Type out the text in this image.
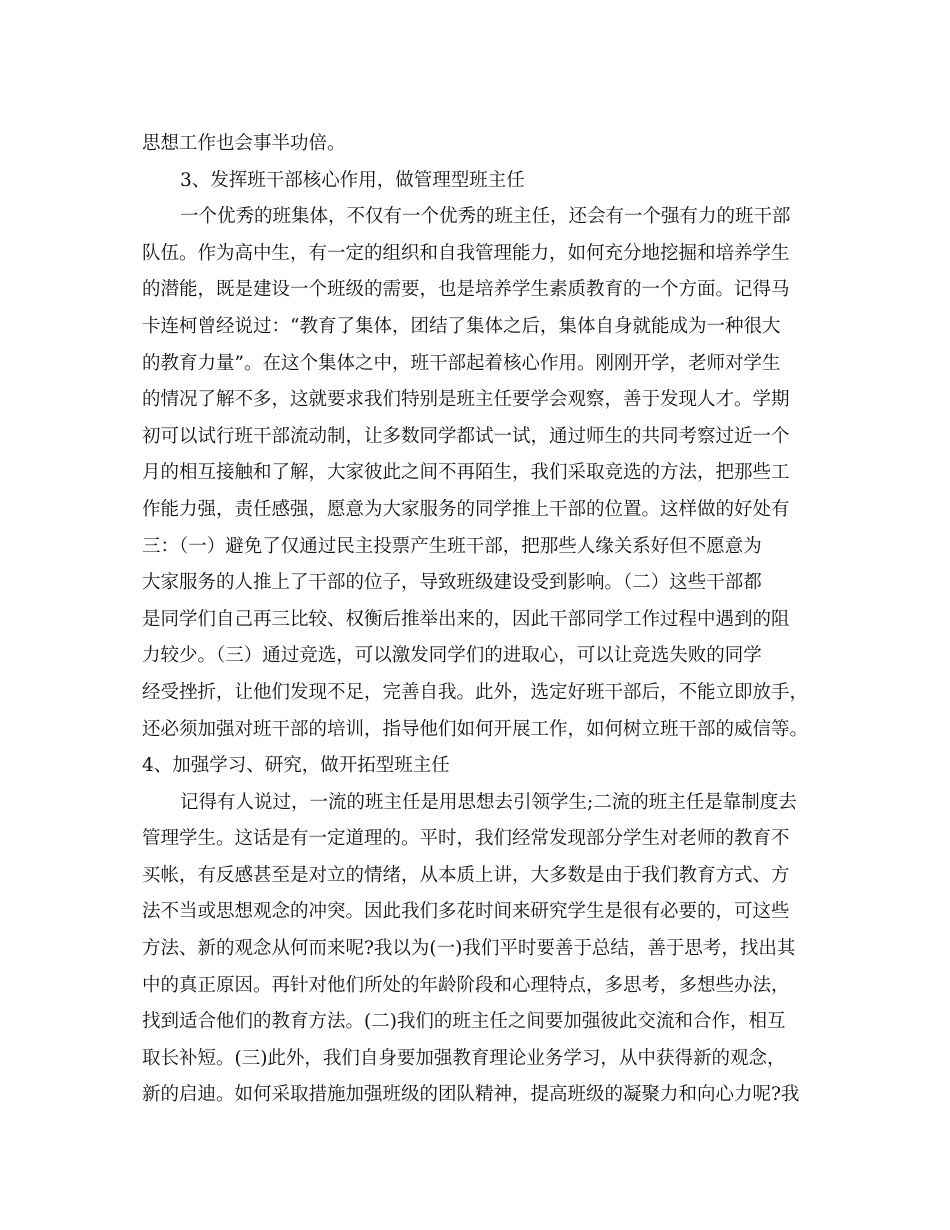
思想工作也会事半功倍。
3、发挥班干部核心作用，做管理型班主任
一个优秀的班集体，不仅有一个优秀的班主任，还会有一个强有力的班干部
队伍。作为高中生，有一定的组织和自我管理能力，如何充分地挖掘和培养学生
的潜能，既是建设一个班级的需要，也是培养学生素质教育的一个方面。记得马
卡连柯曾经说过：“教育了集体，团结了集体之后，集体自身就能成为一种很大
的教育力量”。在这个集体之中，班干部起着核心作用。刚刚开学，老师对学生
的情况了解不多，这就要求我们特别是班主任要学会观察，善于发现人才。学期
初可以试行班干部流动制，让多数同学都试一试，通过师生的共同考察过近一个
月的相互接触和了解，大家彼此之间不再陌生，我们采取竞选的方法，把那些工
作能力强，责任感强，愿意为大家服务的同学推上干部的位置。这样做的好处有
三：（一）避免了仅通过民主投票产生班干部，把那些人缘关系好但不愿意为
大家服务的人推上了干部的位子，导致班级建设受到影响。（二）这些干部都
是同学们自己再三比较、权衡后推举出来的，因此干部同学工作过程中遇到的阻
力较少。（三）通过竞选，可以激发同学们的进取心，可以让竞选失败的同学
经受挫折，让他们发现不足，完善自我。此外，选定好班干部后，不能立即放手，
还必须加强对班干部的培训，指导他们如何开展工作，如何树立班干部的威信等。
4、加强学习、研究，做开拓型班主任
记得有人说过，一流的班主任是用思想去引领学生;二流的班主任是靠制度去
管理学生。这话是有一定道理的。平时，我们经常发现部分学生对老师的教育不
买帐，有反感甚至是对立的情绪，从本质上讲，大多数是由于我们教育方式、方
法不当或思想观念的冲突。因此我们多花时间来研究学生是很有必要的，可这些
方法、新的观念从何而来呢?我以为(一)我们平时要善于总结，善于思考，找出其
中的真正原因。再针对他们所处的年龄阶段和心理特点，多思考，多想些办法，
找到适合他们的教育方法。(二)我们的班主任之间要加强彼此交流和合作，相互
取长补短。(三)此外，我们自身要加强教育理论业务学习，从中获得新的观念，
新的启迪。如何采取措施加强班级的团队精神，提高班级的凝聚力和向心力呢?我
